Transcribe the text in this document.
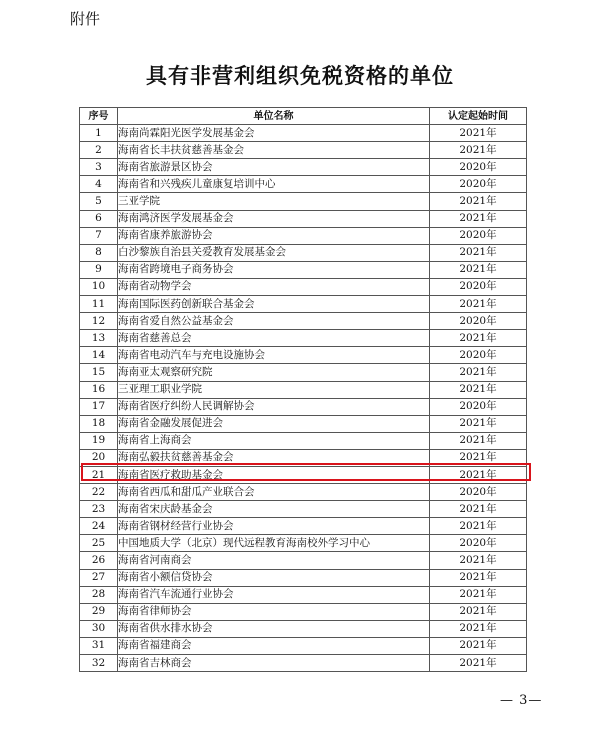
附件
具有非营利组织免税资格的单位
序号	单位名称	认定起始时间
1	海南尚霖阳光医学发展基金会	2021年
2	海南省长丰扶贫慈善基金会	2021年
3	海南省旅游景区协会	2020年
4	海南省和兴残疾儿童康复培训中心	2020年
5	三亚学院	2021年
6	海南鸿济医学发展基金会	2021年
7	海南省康养旅游协会	2020年
8	白沙黎族自治县关爱教育发展基金会	2021年
9	海南省跨境电子商务协会	2021年
10	海南省动物学会	2020年
11	海南国际医药创新联合基金会	2021年
12	海南省爱自然公益基金会	2020年
13	海南省慈善总会	2021年
14	海南省电动汽车与充电设施协会	2020年
15	海南亚太观察研究院	2021年
16	三亚理工职业学院	2021年
17	海南省医疗纠纷人民调解协会	2020年
18	海南省金融发展促进会	2021年
19	海南省上海商会	2021年
20	海南弘毅扶贫慈善基金会	2021年
21	海南省医疗救助基金会	2021年
22	海南省西瓜和甜瓜产业联合会	2020年
23	海南省宋庆龄基金会	2021年
24	海南省钢材经营行业协会	2021年
25	中国地质大学（北京）现代远程教育海南校外学习中心	2020年
26	海南省河南商会	2021年
27	海南省小额信贷协会	2021年
28	海南省汽车流通行业协会	2021年
29	海南省律师协会	2021年
30	海南省供水排水协会	2021年
31	海南省福建商会	2021年
32	海南省吉林商会	2021年
— 3—
